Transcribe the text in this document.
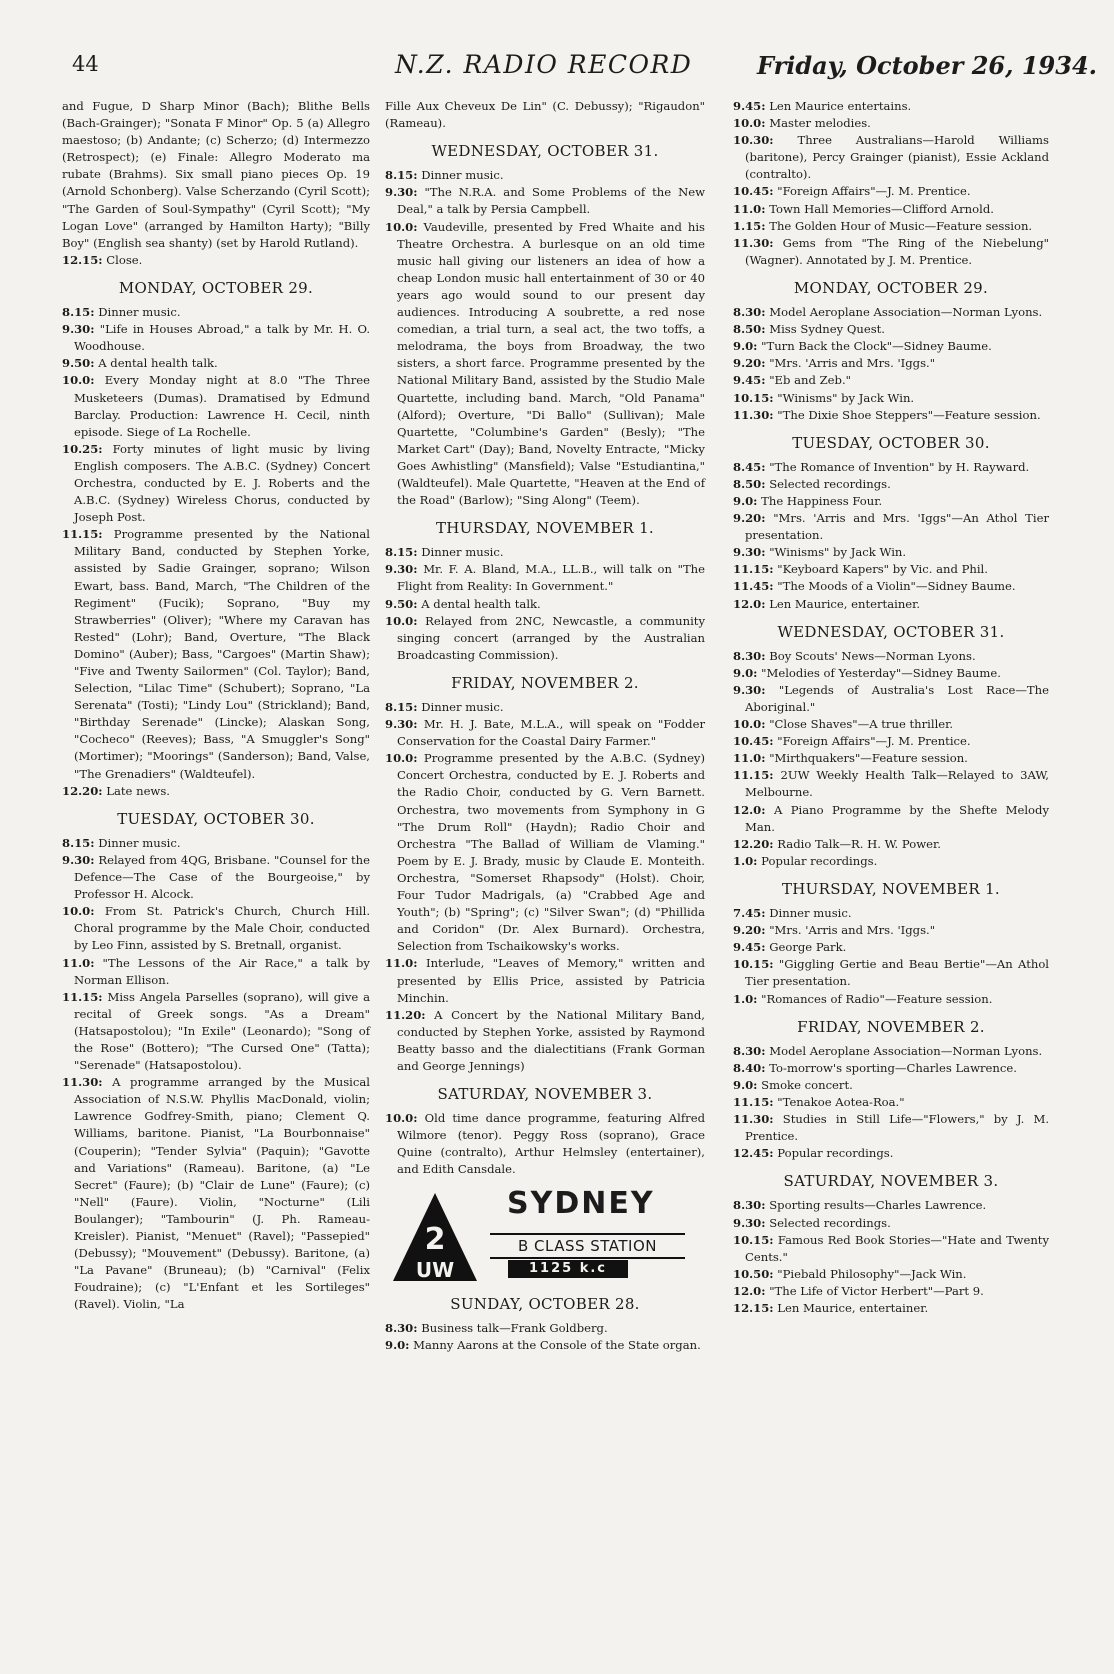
44	N.Z. RADIO RECORD	Friday, October 26, 1934.

and Fugue, D Sharp Minor (Bach); Blithe Bells (Bach-Grainger); "Sonata F Minor" Op. 5 (a) Allegro maestoso; (b) Andante; (c) Scherzo; (d) Intermezzo (Retrospect); (e) Finale: Allegro Moderato ma rubate (Brahms). Six small piano pieces Op. 19 (Arnold Schonberg). Valse Scherzando (Cyril Scott); "The Garden of Soul-Sympathy" (Cyril Scott); "My Logan Love" (arranged by Hamilton Harty); "Billy Boy" (English sea shanty) (set by Harold Rutland).

12.15: Close.

MONDAY, OCTOBER 29.

8.15: Dinner music.

9.30: "Life in Houses Abroad," a talk by Mr. H. O. Woodhouse.

9.50: A dental health talk.

10.0: Every Monday night at 8.0 "The Three Musketeers (Dumas). Dramatised by Edmund Barclay. Production: Lawrence H. Cecil, ninth episode. Siege of La Rochelle.

10.25: Forty minutes of light music by living English composers. The A.B.C. (Sydney) Concert Orchestra, conducted by E. J. Roberts and the A.B.C. (Sydney) Wireless Chorus, conducted by Joseph Post.

11.15: Programme presented by the National Military Band, conducted by Stephen Yorke, assisted by Sadie Grainger, soprano; Wilson Ewart, bass. Band, March, "The Children of the Regiment" (Fucik); Soprano, "Buy my Strawberries" (Oliver); "Where my Caravan has Rested" (Lohr); Band, Overture, "The Black Domino" (Auber); Bass, "Cargoes" (Martin Shaw); "Five and Twenty Sailormen" (Col. Taylor); Band, Selection, "Lilac Time" (Schubert); Soprano, "La Serenata" (Tosti); "Lindy Lou" (Strickland); Band, "Birthday Serenade" (Lincke); Alaskan Song, "Cocheco" (Reeves); Bass, "A Smuggler's Song" (Mortimer); "Moorings" (Sanderson); Band, Valse, "The Grenadiers" (Waldteufel).

12.20: Late news.

TUESDAY, OCTOBER 30.

8.15: Dinner music.

9.30: Relayed from 4QG, Brisbane. "Counsel for the Defence—The Case of the Bourgeoise," by Professor H. Alcock.

10.0: From St. Patrick's Church, Church Hill. Choral programme by the Male Choir, conducted by Leo Finn, assisted by S. Bretnall, organist.

11.0: "The Lessons of the Air Race," a talk by Norman Ellison.

11.15: Miss Angela Parselles (soprano), will give a recital of Greek songs. "As a Dream" (Hatsapostolou); "In Exile" (Leonardo); "Song of the Rose" (Bottero); "The Cursed One" (Tatta); "Serenade" (Hatsapostolou).

11.30: A programme arranged by the Musical Association of N.S.W. Phyllis MacDonald, violin; Lawrence Godfrey-Smith, piano; Clement Q. Williams, baritone. Pianist, "La Bourbonnaise" (Couperin); "Tender Sylvia" (Paquin); "Gavotte and Variations" (Rameau). Baritone, (a) "Le Secret" (Faure); (b) "Clair de Lune" (Faure); (c) "Nell" (Faure). Violin, "Nocturne" (Lili Boulanger); "Tambourin" (J. Ph. Rameau-Kreisler). Pianist, "Menuet" (Ravel); "Passepied" (Debussy); "Mouvement" (Debussy). Baritone, (a) "La Pavane" (Bruneau); (b) "Carnival" (Felix Foudraine); (c) "L'Enfant et les Sortileges" (Ravel). Violin, "La

Fille Aux Cheveux De Lin" (C. Debussy); "Rigaudon" (Rameau).

WEDNESDAY, OCTOBER 31.

8.15: Dinner music.

9.30: "The N.R.A. and Some Problems of the New Deal," a talk by Persia Campbell.

10.0: Vaudeville, presented by Fred Whaite and his Theatre Orchestra. A burlesque on an old time music hall giving our listeners an idea of how a cheap London music hall entertainment of 30 or 40 years ago would sound to our present day audiences. Introducing A soubrette, a red nose comedian, a trial turn, a seal act, the two toffs, a melodrama, the boys from Broadway, the two sisters, a short farce. Programme presented by the National Military Band, assisted by the Studio Male Quartette, including band. March, "Old Panama" (Alford); Overture, "Di Ballo" (Sullivan); Male Quartette, "Columbine's Garden" (Besly); "The Market Cart" (Day); Band, Novelty Entracte, "Micky Goes Awhistling" (Mansfield); Valse "Estudiantina," (Waldteufel). Male Quartette, "Heaven at the End of the Road" (Barlow); "Sing Along" (Teem).

THURSDAY, NOVEMBER 1.

8.15: Dinner music.

9.30: Mr. F. A. Bland, M.A., LL.B., will talk on "The Flight from Reality: In Government."

9.50: A dental health talk.

10.0: Relayed from 2NC, Newcastle, a community singing concert (arranged by the Australian Broadcasting Commission).

FRIDAY, NOVEMBER 2.

8.15: Dinner music.

9.30: Mr. H. J. Bate, M.L.A., will speak on "Fodder Conservation for the Coastal Dairy Farmer."

10.0: Programme presented by the A.B.C. (Sydney) Concert Orchestra, conducted by E. J. Roberts and the Radio Choir, conducted by G. Vern Barnett. Orchestra, two movements from Symphony in G "The Drum Roll" (Haydn); Radio Choir and Orchestra "The Ballad of William de Vlaming." Poem by E. J. Brady, music by Claude E. Monteith. Orchestra, "Somerset Rhapsody" (Holst). Choir, Four Tudor Madrigals, (a) "Crabbed Age and Youth"; (b) "Spring"; (c) "Silver Swan"; (d) "Phillida and Coridon" (Dr. Alex Burnard). Orchestra, Selection from Tschaikowsky's works.

11.0: Interlude, "Leaves of Memory," written and presented by Ellis Price, assisted by Patricia Minchin.

11.20: A Concert by the National Military Band, conducted by Stephen Yorke, assisted by Raymond Beatty basso and the dialectitians (Frank Gorman and George Jennings)

SATURDAY, NOVEMBER 3.

10.0: Old time dance programme, featuring Alfred Wilmore (tenor). Peggy Ross (soprano), Grace Quine (contralto), Arthur Helmsley (entertainer), and Edith Cansdale.

2
UW
SYDNEY
B CLASS STATION
1125 k.c
SUNDAY, OCTOBER 28.

8.30: Business talk—Frank Goldberg.

9.0: Manny Aarons at the Console of the State organ.

9.45: Len Maurice entertains.

10.0: Master melodies.

10.30: Three Australians—Harold Williams (baritone), Percy Grainger (pianist), Essie Ackland (contralto).

10.45: "Foreign Affairs"—J. M. Prentice.

11.0: Town Hall Memories—Clifford Arnold.

1.15: The Golden Hour of Music—Feature session.

11.30: Gems from "The Ring of the Niebelung" (Wagner). Annotated by J. M. Prentice.

MONDAY, OCTOBER 29.

8.30: Model Aeroplane Association—Norman Lyons.

8.50: Miss Sydney Quest.

9.0: "Turn Back the Clock"—Sidney Baume.

9.20: "Mrs. 'Arris and Mrs. 'Iggs."

9.45: "Eb and Zeb."

10.15: "Winisms" by Jack Win.

11.30: "The Dixie Shoe Steppers"—Feature session.

TUESDAY, OCTOBER 30.

8.45: "The Romance of Invention" by H. Rayward.

8.50: Selected recordings.

9.0: The Happiness Four.

9.20: "Mrs. 'Arris and Mrs. 'Iggs"—An Athol Tier presentation.

9.30: "Winisms" by Jack Win.

11.15: "Keyboard Kapers" by Vic. and Phil.

11.45: "The Moods of a Violin"—Sidney Baume.

12.0: Len Maurice, entertainer.

WEDNESDAY, OCTOBER 31.

8.30: Boy Scouts' News—Norman Lyons.

9.0: "Melodies of Yesterday"—Sidney Baume.

9.30: "Legends of Australia's Lost Race—The Aboriginal."

10.0: "Close Shaves"—A true thriller.

10.45: "Foreign Affairs"—J. M. Prentice.

11.0: "Mirthquakers"—Feature session.

11.15: 2UW Weekly Health Talk—Relayed to 3AW, Melbourne.

12.0: A Piano Programme by the Shefte Melody Man.

12.20: Radio Talk—R. H. W. Power.

1.0: Popular recordings.

THURSDAY, NOVEMBER 1.

7.45: Dinner music.

9.20: "Mrs. 'Arris and Mrs. 'Iggs."

9.45: George Park.

10.15: "Giggling Gertie and Beau Bertie"—An Athol Tier presentation.

1.0: "Romances of Radio"—Feature session.

FRIDAY, NOVEMBER 2.

8.30: Model Aeroplane Association—Norman Lyons.

8.40: To-morrow's sporting—Charles Lawrence.

9.0: Smoke concert.

11.15: "Tenakoe Aotea-Roa."

11.30: Studies in Still Life—"Flowers," by J. M. Prentice.

12.45: Popular recordings.

SATURDAY, NOVEMBER 3.

8.30: Sporting results—Charles Lawrence.

9.30: Selected recordings.

10.15: Famous Red Book Stories—"Hate and Twenty Cents."

10.50: "Piebald Philosophy"—Jack Win.

12.0: "The Life of Victor Herbert"—Part 9.

12.15: Len Maurice, entertainer.
